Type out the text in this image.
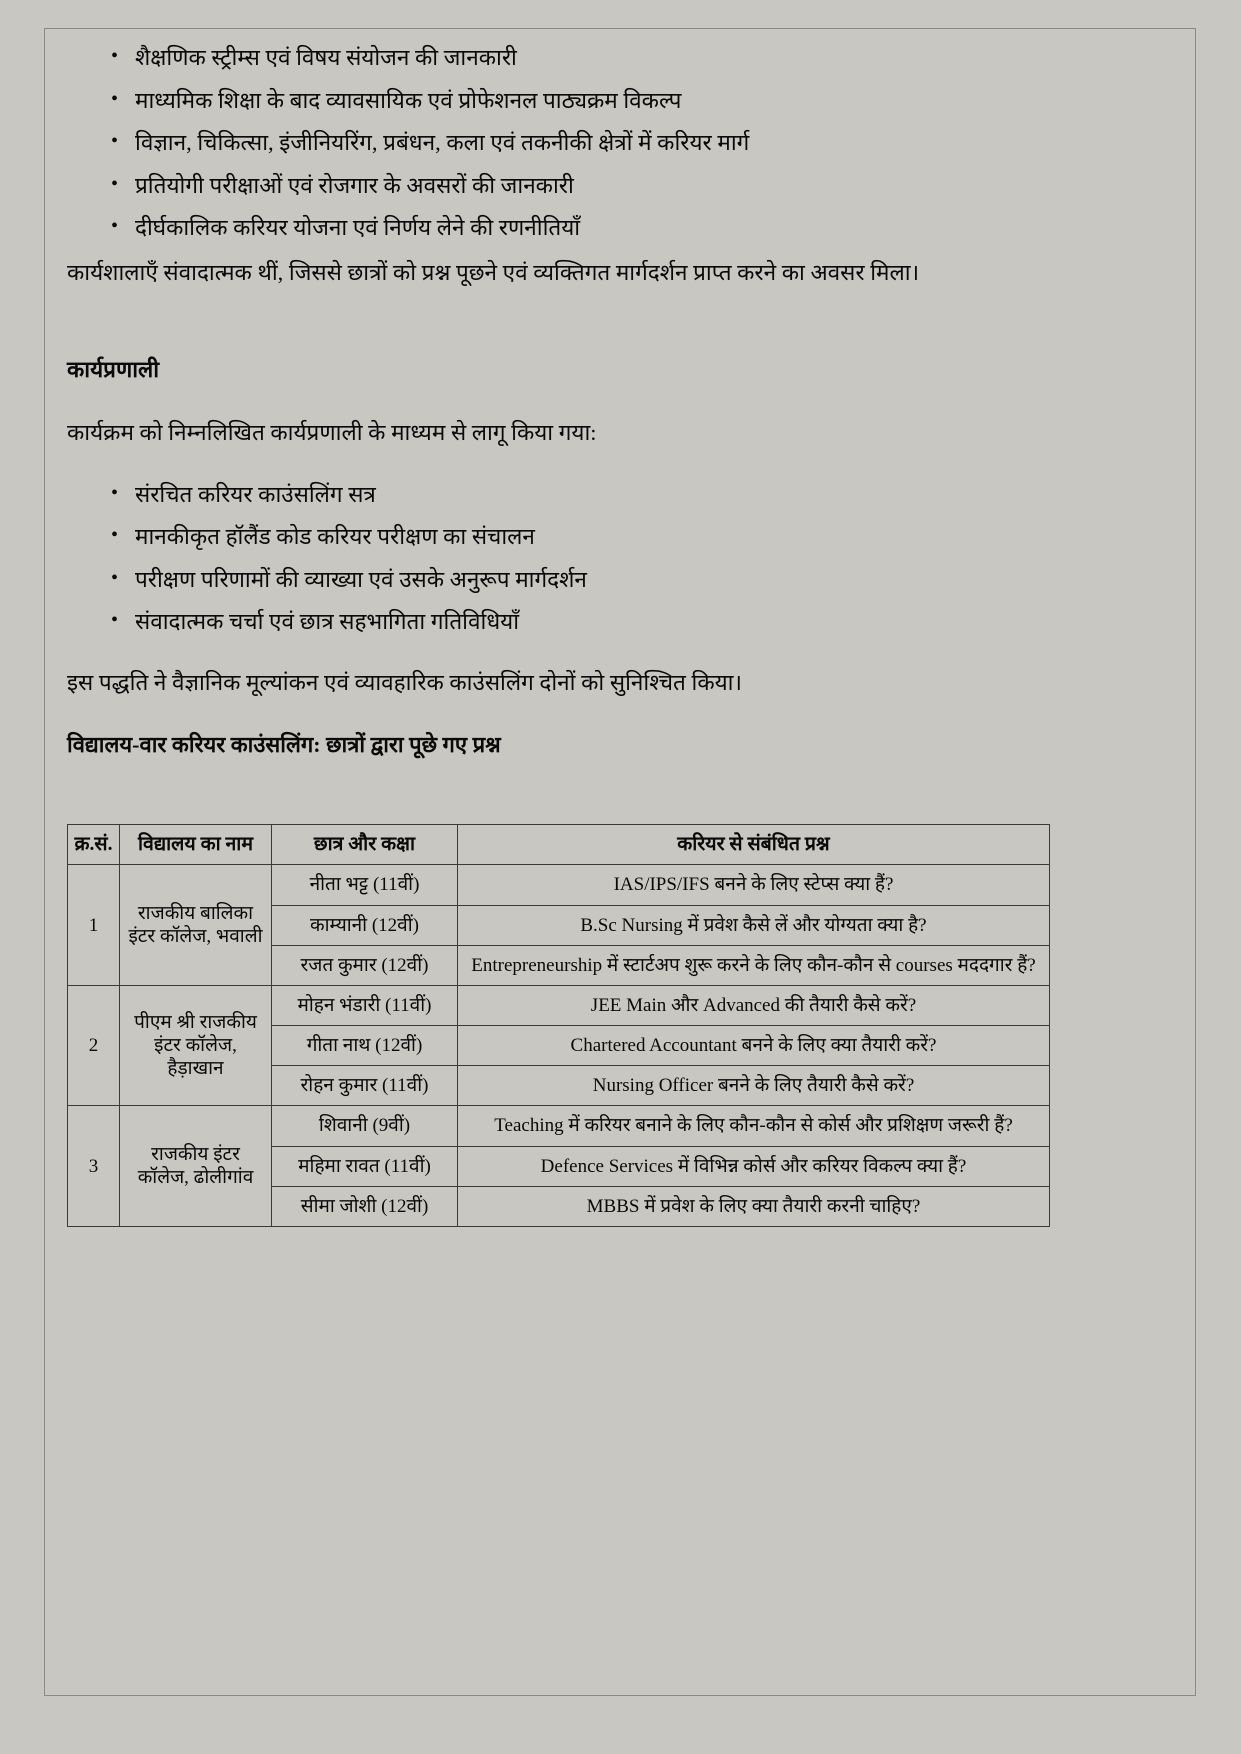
• शैक्षणिक स्ट्रीम्स एवं विषय संयोजन की जानकारी
• माध्यमिक शिक्षा के बाद व्यावसायिक एवं प्रोफेशनल पाठ्यक्रम विकल्प
• विज्ञान, चिकित्सा, इंजीनियरिंग, प्रबंधन, कला एवं तकनीकी क्षेत्रों में करियर मार्ग
• प्रतियोगी परीक्षाओं एवं रोजगार के अवसरों की जानकारी
• दीर्घकालिक करियर योजना एवं निर्णय लेने की रणनीतियाँ

कार्यशालाएँ संवादात्मक थीं, जिससे छात्रों को प्रश्न पूछने एवं व्यक्तिगत मार्गदर्शन प्राप्त करने का अवसर मिला।

कार्यप्रणाली

कार्यक्रम को निम्नलिखित कार्यप्रणाली के माध्यम से लागू किया गया:

• संरचित करियर काउंसलिंग सत्र
• मानकीकृत हॉलैंड कोड करियर परीक्षण का संचालन
• परीक्षण परिणामों की व्याख्या एवं उसके अनुरूप मार्गदर्शन
• संवादात्मक चर्चा एवं छात्र सहभागिता गतिविधियाँ

इस पद्धति ने वैज्ञानिक मूल्यांकन एवं व्यावहारिक काउंसलिंग दोनों को सुनिश्चित किया।

विद्यालय-वार करियर काउंसलिंग: छात्रों द्वारा पूछे गए प्रश्न
क्र.सं.	विद्यालय का नाम	छात्र और कक्षा	करियर से संबंधित प्रश्न
1	राजकीय बालिका इंटर कॉलेज, भवाली	नीता भट्ट (11वीं)	IAS/IPS/IFS बनने के लिए स्टेप्स क्या हैं?
		काम्यानी (12वीं)	B.Sc Nursing में प्रवेश कैसे लें और योग्यता क्या है?
		रजत कुमार (12वीं)	Entrepreneurship में स्टार्टअप शुरू करने के लिए कौन-कौन से courses मददगार हैं?
2	पीएम श्री राजकीय इंटर कॉलेज, हैड़ाखान	मोहन भंडारी (11वीं)	JEE Main और Advanced की तैयारी कैसे करें?
		गीता नाथ (12वीं)	Chartered Accountant बनने के लिए क्या तैयारी करें?
		रोहन कुमार (11वीं)	Nursing Officer बनने के लिए तैयारी कैसे करें?
3	राजकीय इंटर कॉलेज, ढोलीगांव	शिवानी (9वीं)	Teaching में करियर बनाने के लिए कौन-कौन से कोर्स और प्रशिक्षण जरूरी हैं?
		महिमा रावत (11वीं)	Defence Services में विभिन्न कोर्स और करियर विकल्प क्या हैं?
		सीमा जोशी (12वीं)	MBBS में प्रवेश के लिए क्या तैयारी करनी चाहिए?
